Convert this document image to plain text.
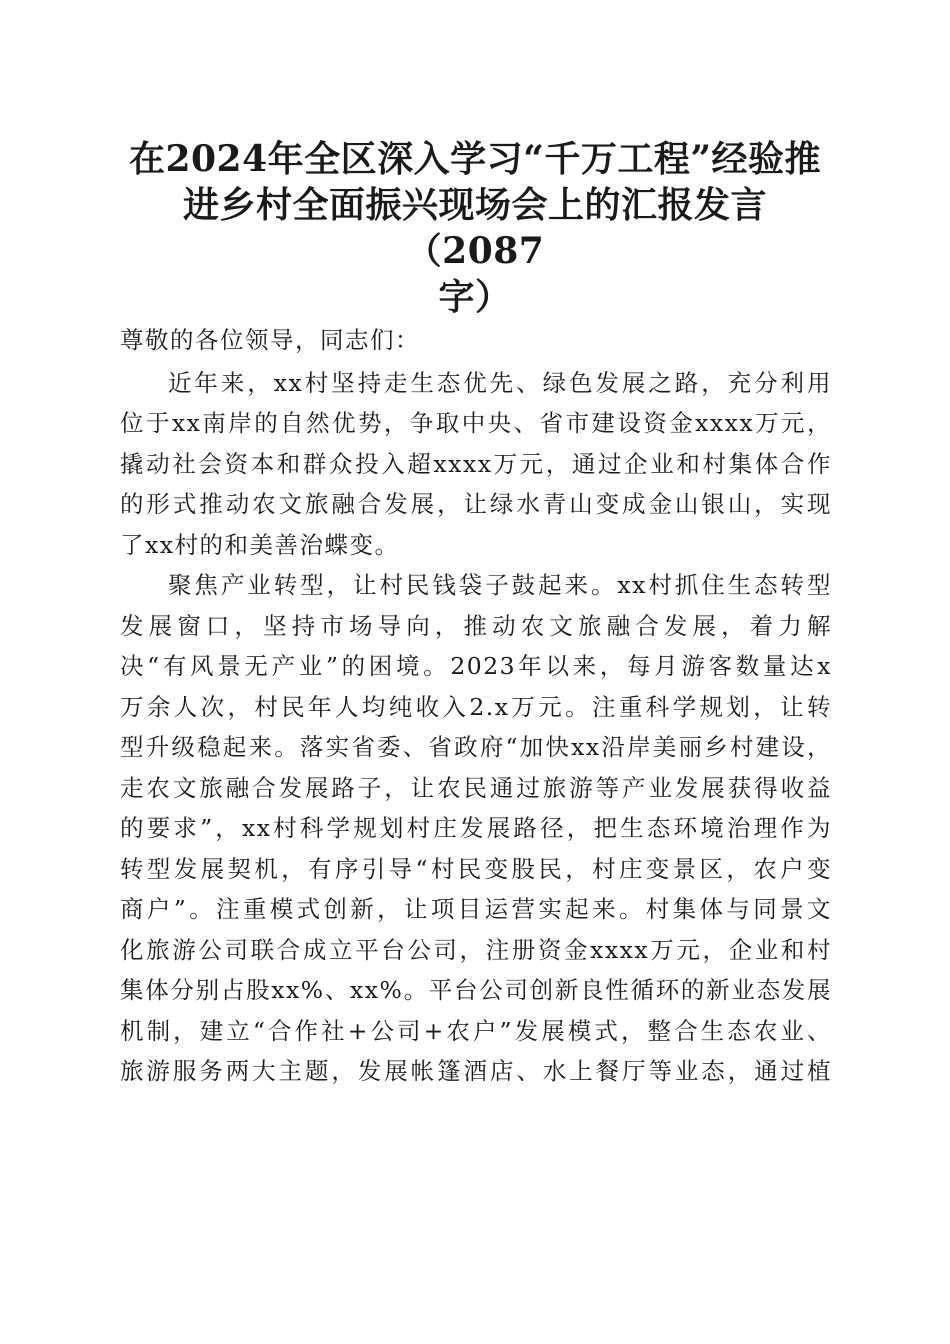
在2024年全区深入学习“千万工程”经验推
进乡村全面振兴现场会上的汇报发言（2087
字）
尊敬的各位领导，同志们：
近年来，xx村坚持走生态优先、绿色发展之路，充分利用
位于xx南岸的自然优势，争取中央、省市建设资金xxxx万元，
撬动社会资本和群众投入超xxxx万元，通过企业和村集体合作
的形式推动农文旅融合发展，让绿水青山变成金山银山，实现
了xx村的和美善治蝶变。
聚焦产业转型，让村民钱袋子鼓起来。xx村抓住生态转型
发展窗口，坚持市场导向，推动农文旅融合发展，着力解
决“有风景无产业”的困境。2023年以来，每月游客数量达x
万余人次，村民年人均纯收入2.x万元。注重科学规划，让转
型升级稳起来。落实省委、省政府“加快xx沿岸美丽乡村建设，
走农文旅融合发展路子，让农民通过旅游等产业发展获得收益
的要求”，xx村科学规划村庄发展路径，把生态环境治理作为
转型发展契机，有序引导“村民变股民，村庄变景区，农户变
商户”。注重模式创新，让项目运营实起来。村集体与同景文
化旅游公司联合成立平台公司，注册资金xxxx万元，企业和村
集体分别占股xx%、xx%。平台公司创新良性循环的新业态发展
机制，建立“合作社+公司+农户”发展模式，整合生态农业、
旅游服务两大主题，发展帐篷酒店、水上餐厅等业态，通过植
